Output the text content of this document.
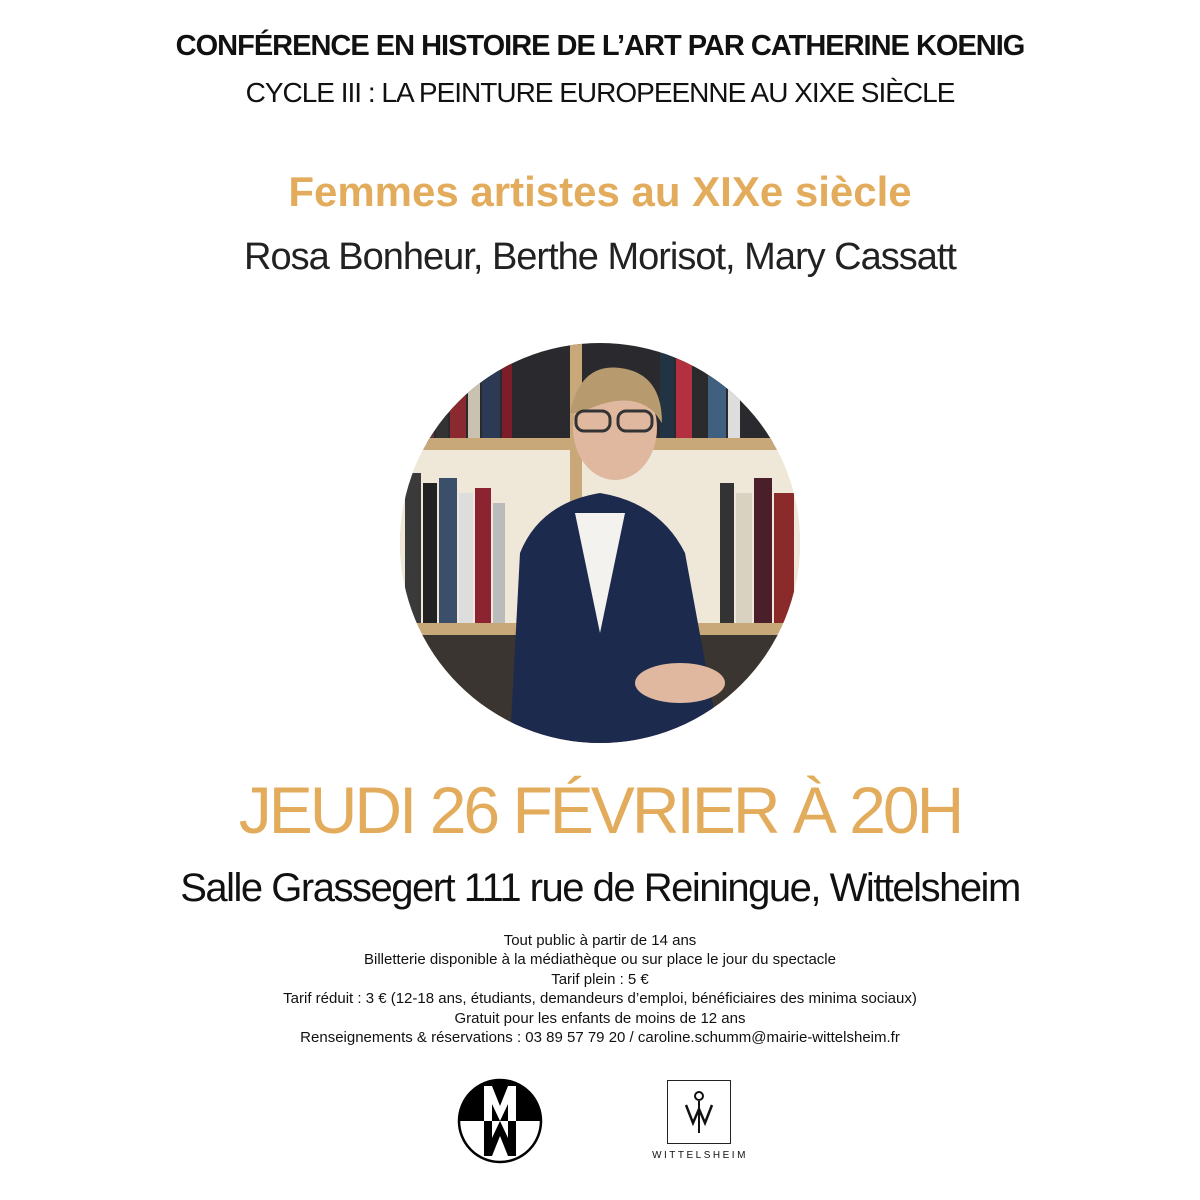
CONFÉRENCE EN HISTOIRE DE L’ART PAR CATHERINE KOENIG
CYCLE III : LA PEINTURE EUROPEENNE AU XIXE SIÈCLE
Femmes artistes au XIXe siècle
Rosa Bonheur, Berthe Morisot, Mary Cassatt
JEUDI 26 FÉVRIER À 20H
Salle Grassegert 111 rue de Reiningue, Wittelsheim
Tout public à partir de 14 ans
Billetterie disponible à la médiathèque ou sur place le jour du spectacle
Tarif plein : 5 €
Tarif réduit : 3 € (12-18 ans, étudiants, demandeurs d’emploi, bénéficiaires des minima sociaux)
Gratuit pour les enfants de moins de 12 ans
Renseignements & réservations : 03 89 57 79 20 / caroline.schumm@mairie-wittelsheim.fr
WITTELSHEIM
